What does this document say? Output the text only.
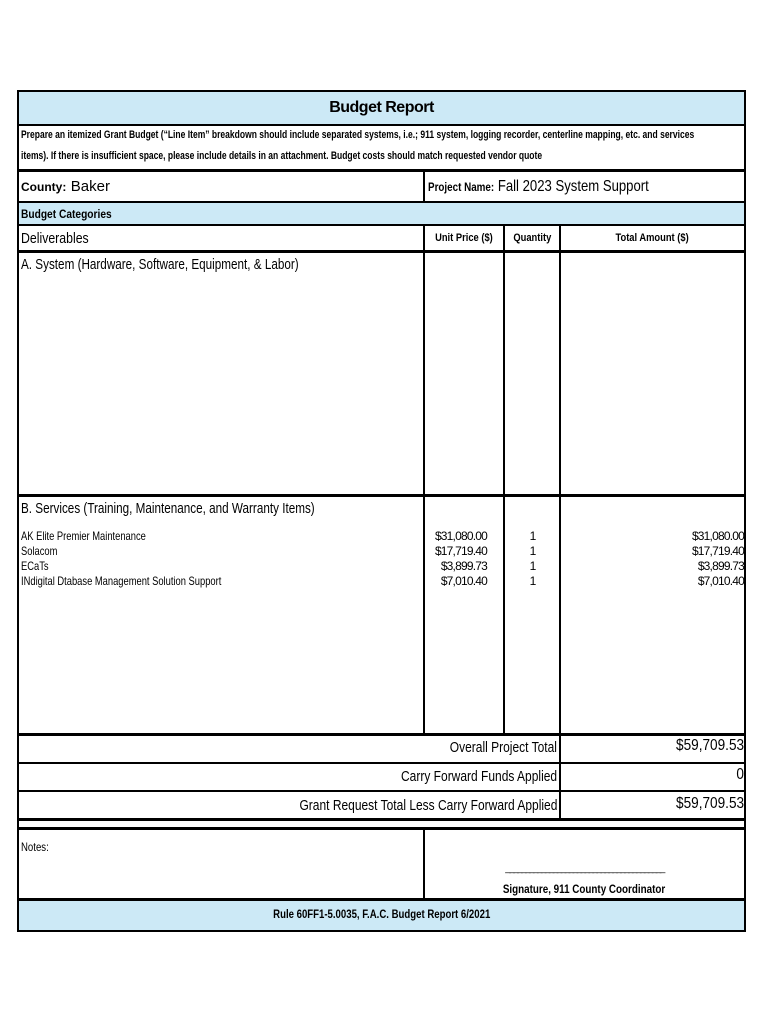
Budget Report
Prepare an itemized Grant Budget (“Line Item” breakdown should include separated systems, i.e.; 911 system, logging recorder, centerline mapping, etc. and services
items). If there is insufficient space, please include details in an attachment. Budget costs should match requested vendor quote
County: Baker	Project Name: Fall 2023 System Support
Budget Categories
Deliverables	Unit Price ($)	Quantity	Total Amount ($)
A. System (Hardware, Software, Equipment, & Labor)
B. Services (Training, Maintenance, and Warranty Items)
AK Elite Premier Maintenance	$31,080.00	1	$31,080.00
Solacom	$17,719.40	1	$17,719.40
ECaTs	$3,899.73	1	$3,899.73
INdigital Dtabase Management Solution Support	$7,010.40	1	$7,010.40
Overall Project Total	$59,709.53
Carry Forward Funds Applied	0
Grant Request Total Less Carry Forward Applied	$59,709.53
Notes:
________________________________________
Signature, 911 County Coordinator
Rule 60FF1-5.0035, F.A.C. Budget Report 6/2021
